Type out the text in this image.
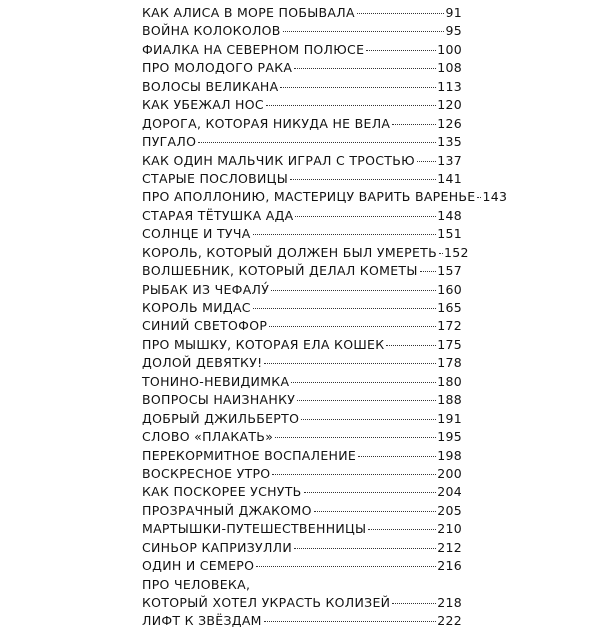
КАК АЛИСА В МОРЕ ПОБЫВАЛА	91
ВОЙНА КОЛОКОЛОВ	95
ФИАЛКА НА СЕВЕРНОМ ПОЛЮСЕ	100
ПРО МОЛОДОГО РАКА	108
ВОЛОСЫ ВЕЛИКАНА	113
КАК УБЕЖАЛ НОС	120
ДОРОГА, КОТОРАЯ НИКУДА НЕ ВЕЛА	126
ПУГАЛО	135
КАК ОДИН МАЛЬЧИК ИГРАЛ С ТРОСТЬЮ 137
СТАРЫЕ ПОСЛОВИЦЫ	141
ПРО АПОЛЛОНИЮ, МАСТЕРИЦУ ВАРИТЬ ВАРЕНЬЕ 143
СТАРАЯ ТЁТУШКА АДА	148
СОЛНЦЕ И ТУЧА	151
КОРОЛЬ, КОТОРЫЙ ДОЛЖЕН БЫЛ УМЕРЕТЬ 152
ВОЛШЕБНИК, КОТОРЫЙ ДЕЛАЛ КОМЕТЫ 157
РЫБАК ИЗ ЧЕФАЛУ́	160
КОРОЛЬ МИДАС	165
СИНИЙ СВЕТОФОР	172
ПРО МЫШКУ, КОТОРАЯ ЕЛА КОШЕК	175
ДОЛОЙ ДЕВЯТКУ!	178
ТОНИНО-НЕВИДИМКА	180
ВОПРОСЫ НАИЗНАНКУ	188
ДОБРЫЙ ДЖИЛЬБЕРТО	191
СЛОВО «ПЛАКАТЬ»	195
ПЕРЕКОРМИТНОЕ ВОСПАЛЕНИЕ	198
ВОСКРЕСНОЕ УТРО	200
КАК ПОСКОРЕЕ УСНУТЬ	204
ПРОЗРАЧНЫЙ ДЖАКОМО	205
МАРТЫШКИ-ПУТЕШЕСТВЕННИЦЫ	210
СИНЬОР КАПРИЗУЛЛИ	212
ОДИН И СЕМЕРО	216
ПРО ЧЕЛОВЕКА,
КОТОРЫЙ ХОТЕЛ УКРАСТЬ КОЛИЗЕЙ	218
ЛИФТ К ЗВЁЗДАМ	222
